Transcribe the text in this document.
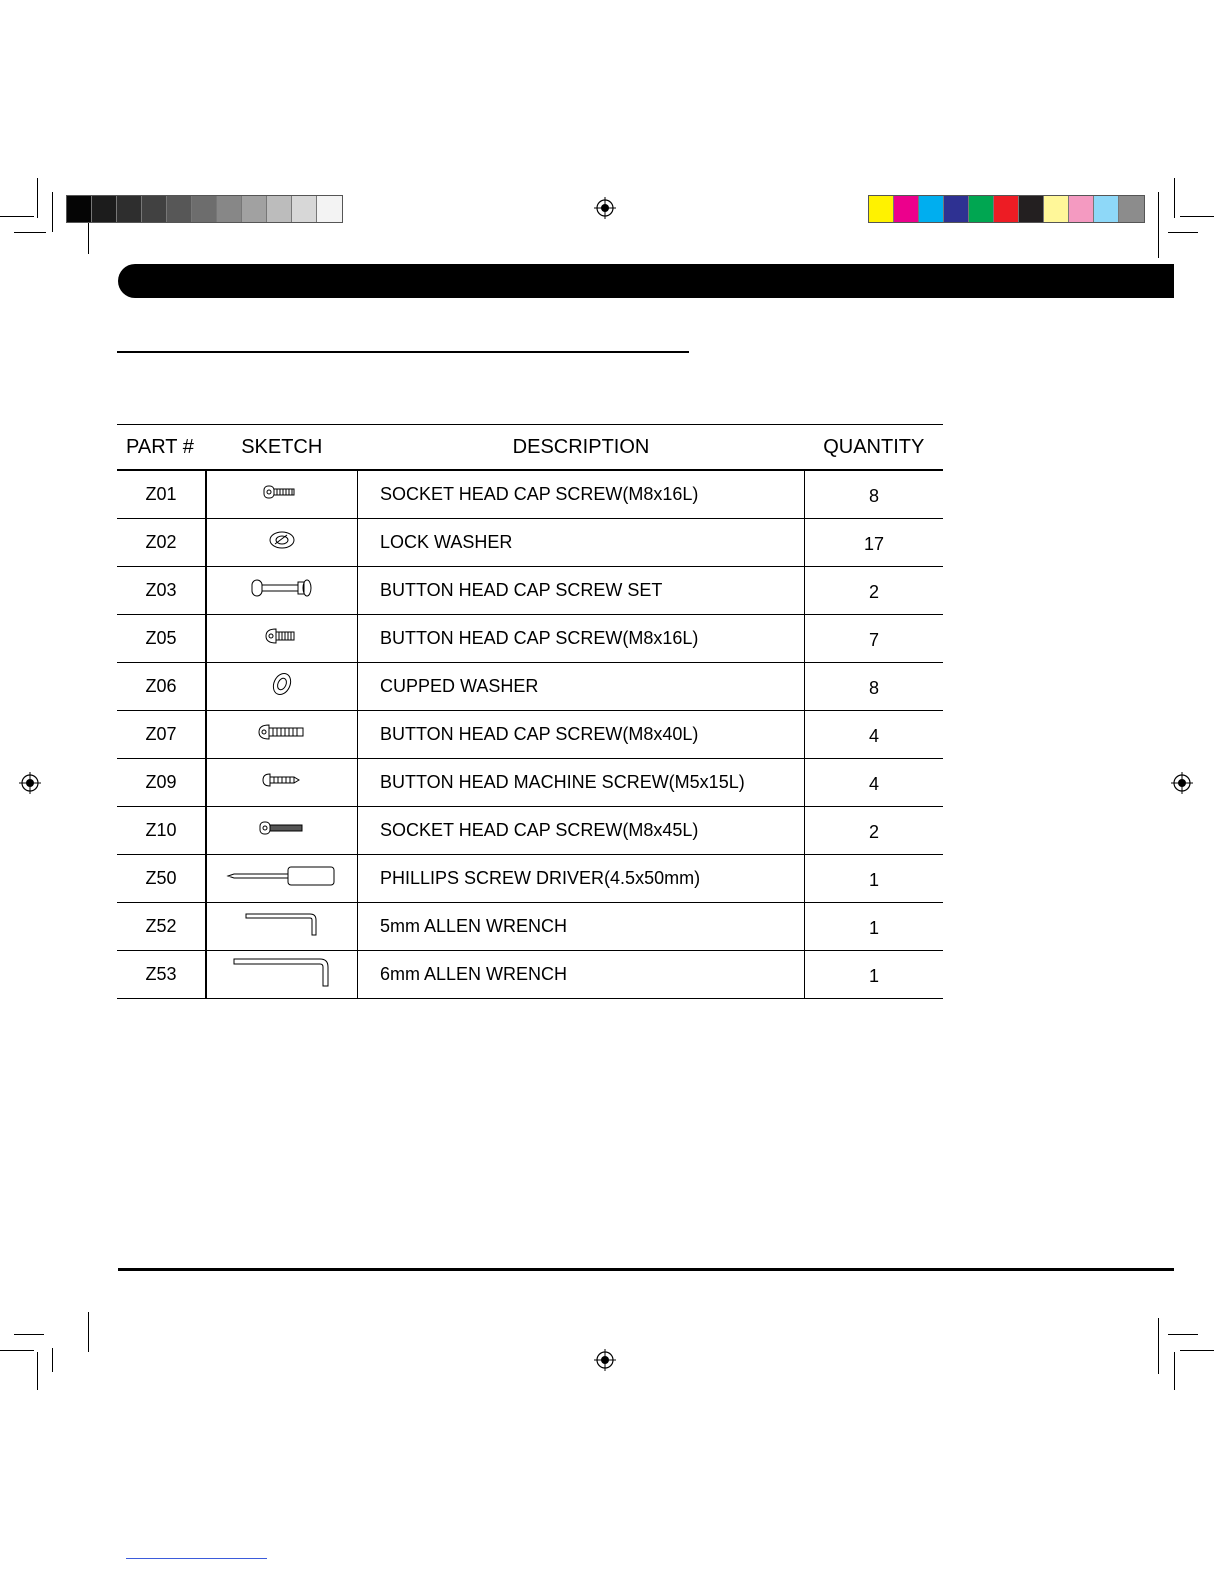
PART #	SKETCH	DESCRIPTION	QUANTITY
Z01		SOCKET HEAD CAP SCREW(M8x16L)	8
Z02		LOCK WASHER	17
Z03		BUTTON HEAD CAP SCREW SET	2
Z05		BUTTON HEAD CAP SCREW(M8x16L)	7
Z06		CUPPED WASHER	8
Z07		BUTTON HEAD CAP SCREW(M8x40L)	4
Z09		BUTTON HEAD MACHINE SCREW(M5x15L)	4
Z10		SOCKET HEAD CAP SCREW(M8x45L)	2
Z50		PHILLIPS SCREW DRIVER(4.5x50mm)	1
Z52		5mm ALLEN WRENCH	1
Z53		6mm ALLEN WRENCH	1
